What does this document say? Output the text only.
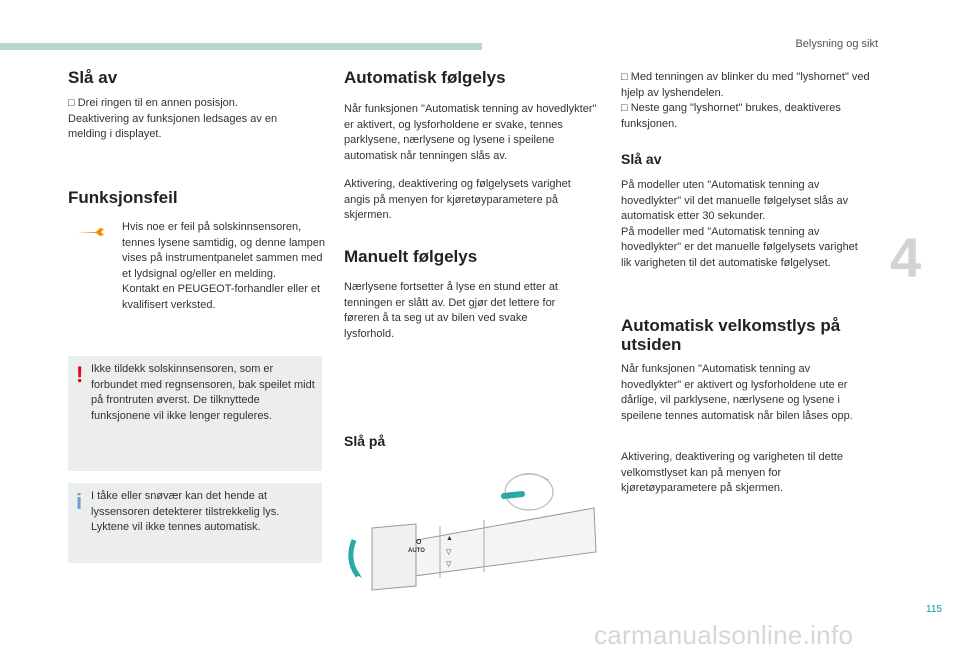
Belysning og sikt
4
Slå av
□ Drei ringen til en annen posisjon.
Deaktivering av funksjonen ledsages av en melding i displayet.
Funksjonsfeil
Hvis noe er feil på solskinnsensoren, tennes lysene samtidig, og denne lampen vises på instrumentpanelet sammen med et lydsignal og/eller en melding.
Kontakt en PEUGEOT-forhandler eller et kvalifisert verksted.
! Ikke tildekk solskinnsensoren, som er forbundet med regnsensoren, bak speilet midt på frontruten øverst. De tilknyttede funksjonene vil ikke lenger reguleres.
i I tåke eller snøvær kan det hende at lyssensoren detekterer tilstrekkelig lys. Lyktene vil ikke tennes automatisk.
Automatisk følgelys
Når funksjonen "Automatisk tenning av hovedlykter" er aktivert, og lysforholdene er svake, tennes parklysene, nærlysene og lysene i speilene automatisk når tenningen slås av.
Aktivering, deaktivering og følgelysets varighet angis på menyen for kjøretøyparametere på skjermen.
Manuelt følgelys
Nærlysene fortsetter å lyse en stund etter at tenningen er slått av. Det gjør det lettere for føreren å ta seg ut av bilen ved svake lysforhold.
Slå på
O
AUTO
▲
▽
▽
□ Med tenningen av blinker du med "lyshornet" ved hjelp av lyshendelen.
□ Neste gang "lyshornet" brukes, deaktiveres funksjonen.
Slå av
På modeller uten "Automatisk tenning av hovedlykter" vil det manuelle følgelyset slås av automatisk etter 30 sekunder.
På modeller med "Automatisk tenning av hovedlykter" er det manuelle følgelysets varighet lik varigheten til det automatiske følgelyset.
Automatisk velkomstlys på utsiden
Når funksjonen "Automatisk tenning av hovedlykter" er aktivert og lysforholdene ute er dårlige, vil parklysene, nærlysene og lysene i speilene tennes automatisk når bilen låses opp.
Aktivering, deaktivering og varigheten til dette velkomstlyset kan på menyen for kjøretøyparametere på skjermen.
115
carmanualsonline.info
